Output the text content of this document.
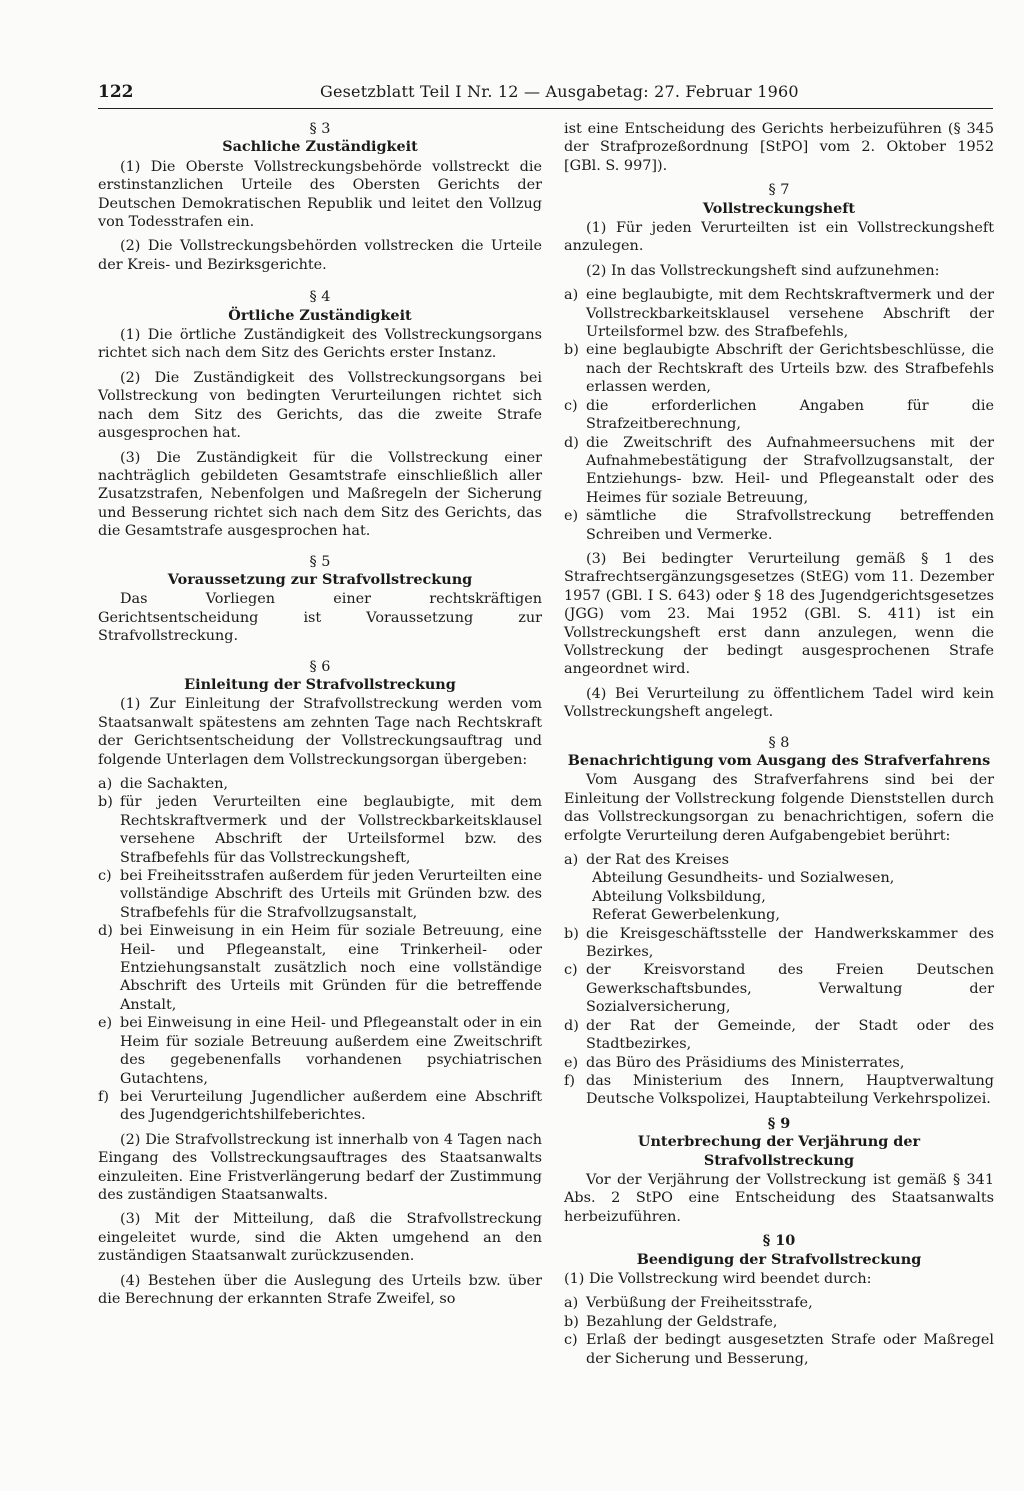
122	Gesetzblatt Teil I Nr. 12 — Ausgabetag: 27. Februar 1960
§ 3
Sachliche Zuständigkeit

(1) Die Oberste Vollstreckungsbehörde vollstreckt die erstinstanzlichen Urteile des Obersten Gerichts der Deutschen Demokratischen Republik und leitet den Vollzug von Todesstrafen ein.

(2) Die Vollstreckungsbehörden vollstrecken die Urteile der Kreis- und Bezirksgerichte.

§ 4
Örtliche Zuständigkeit

(1) Die örtliche Zuständigkeit des Vollstreckungsorgans richtet sich nach dem Sitz des Gerichts erster Instanz.

(2) Die Zuständigkeit des Vollstreckungsorgans bei Vollstreckung von bedingten Verurteilungen richtet sich nach dem Sitz des Gerichts, das die zweite Strafe ausgesprochen hat.

(3) Die Zuständigkeit für die Vollstreckung einer nachträglich gebildeten Gesamtstrafe einschließlich aller Zusatzstrafen, Nebenfolgen und Maßregeln der Sicherung und Besserung richtet sich nach dem Sitz des Gerichts, das die Gesamtstrafe ausgesprochen hat.

§ 5
Voraussetzung zur Strafvollstreckung

Das Vorliegen einer rechtskräftigen Gerichtsentscheidung ist Voraussetzung zur Strafvollstreckung.

§ 6
Einleitung der Strafvollstreckung

(1) Zur Einleitung der Strafvollstreckung werden vom Staatsanwalt spätestens am zehnten Tage nach Rechtskraft der Gerichtsentscheidung der Vollstreckungsauftrag und folgende Unterlagen dem Vollstreckungsorgan übergeben:

a) die Sachakten,
b) für jeden Verurteilten eine beglaubigte, mit dem Rechtskraftvermerk und der Vollstreckbarkeitsklausel versehene Abschrift der Urteilsformel bzw. des Strafbefehls für das Vollstreckungsheft,
c) bei Freiheitsstrafen außerdem für jeden Verurteilten eine vollständige Abschrift des Urteils mit Gründen bzw. des Strafbefehls für die Strafvollzugsanstalt,
d) bei Einweisung in ein Heim für soziale Betreuung, eine Heil- und Pflegeanstalt, eine Trinkerheil- oder Entziehungsanstalt zusätzlich noch eine vollständige Abschrift des Urteils mit Gründen für die betreffende Anstalt,
e) bei Einweisung in eine Heil- und Pflegeanstalt oder in ein Heim für soziale Betreuung außerdem eine Zweitschrift des gegebenenfalls vorhandenen psychiatrischen Gutachtens,
f) bei Verurteilung Jugendlicher außerdem eine Abschrift des Jugendgerichtshilfeberichtes.

(2) Die Strafvollstreckung ist innerhalb von 4 Tagen nach Eingang des Vollstreckungsauftrages des Staatsanwalts einzuleiten. Eine Fristverlängerung bedarf der Zustimmung des zuständigen Staatsanwalts.

(3) Mit der Mitteilung, daß die Strafvollstreckung eingeleitet wurde, sind die Akten umgehend an den zuständigen Staatsanwalt zurückzusenden.

(4) Bestehen über die Auslegung des Urteils bzw. über die Berechnung der erkannten Strafe Zweifel, so

ist eine Entscheidung des Gerichts herbeizuführen (§ 345 der Strafprozeßordnung [StPO] vom 2. Oktober 1952 [GBl. S. 997]).

§ 7
Vollstreckungsheft

(1) Für jeden Verurteilten ist ein Vollstreckungsheft anzulegen.

(2) In das Vollstreckungsheft sind aufzunehmen:

a) eine beglaubigte, mit dem Rechtskraftvermerk und der Vollstreckbarkeitsklausel versehene Abschrift der Urteilsformel bzw. des Strafbefehls,
b) eine beglaubigte Abschrift der Gerichtsbeschlüsse, die nach der Rechtskraft des Urteils bzw. des Strafbefehls erlassen werden,
c) die erforderlichen Angaben für die Strafzeitberechnung,
d) die Zweitschrift des Aufnahmeersuchens mit der Aufnahmebestätigung der Strafvollzugsanstalt, der Entziehungs- bzw. Heil- und Pflegeanstalt oder des Heimes für soziale Betreuung,
e) sämtliche die Strafvollstreckung betreffenden Schreiben und Vermerke.

(3) Bei bedingter Verurteilung gemäß § 1 des Strafrechtsergänzungsgesetzes (StEG) vom 11. Dezember 1957 (GBl. I S. 643) oder § 18 des Jugendgerichtsgesetzes (JGG) vom 23. Mai 1952 (GBl. S. 411) ist ein Vollstreckungsheft erst dann anzulegen, wenn die Vollstreckung der bedingt ausgesprochenen Strafe angeordnet wird.

(4) Bei Verurteilung zu öffentlichem Tadel wird kein Vollstreckungsheft angelegt.

§ 8
Benachrichtigung vom Ausgang des Strafverfahrens

Vom Ausgang des Strafverfahrens sind bei der Einleitung der Vollstreckung folgende Dienststellen durch das Vollstreckungsorgan zu benachrichtigen, sofern die erfolgte Verurteilung deren Aufgabengebiet berührt:

a) der Rat des Kreises
Abteilung Gesundheits- und Sozialwesen,
Abteilung Volksbildung,
Referat Gewerbelenkung,
b) die Kreisgeschäftsstelle der Handwerkskammer des Bezirkes,
c) der Kreisvorstand des Freien Deutschen Gewerkschaftsbundes, Verwaltung der Sozialversicherung,
d) der Rat der Gemeinde, der Stadt oder des Stadtbezirkes,
e) das Büro des Präsidiums des Ministerrates,
f) das Ministerium des Innern, Hauptverwaltung Deutsche Volkspolizei, Hauptabteilung Verkehrspolizei.
§ 9
Unterbrechung der Verjährung der Strafvollstreckung

Vor der Verjährung der Vollstreckung ist gemäß § 341 Abs. 2 StPO eine Entscheidung des Staatsanwalts herbeizuführen.

§ 10
Beendigung der Strafvollstreckung

(1) Die Vollstreckung wird beendet durch:

a) Verbüßung der Freiheitsstrafe,
b) Bezahlung der Geldstrafe,
c) Erlaß der bedingt ausgesetzten Strafe oder Maßregel der Sicherung und Besserung,
